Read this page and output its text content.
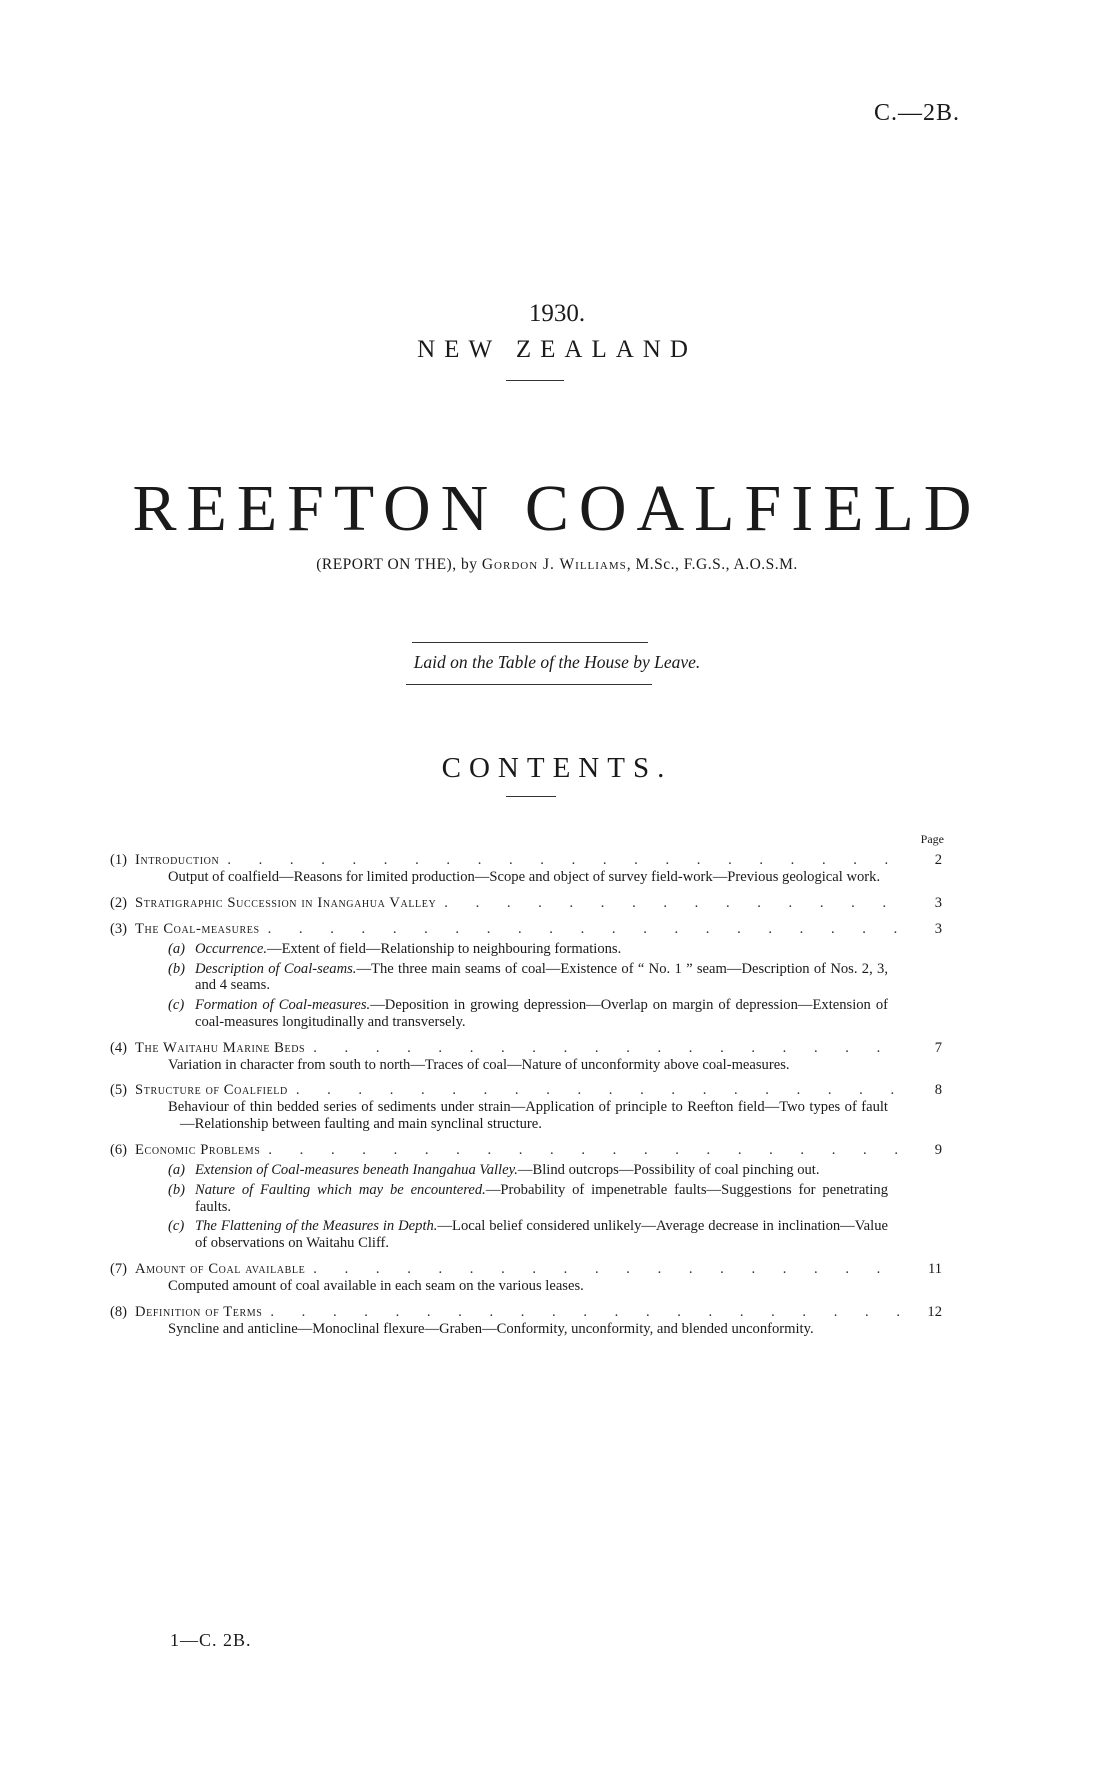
C.—2B.
1930.
NEW ZEALAND
REEFTON COALFIELD
(REPORT ON THE), by Gordon J. Williams, M.Sc., F.G.S., A.O.S.M.
Laid on the Table of the House by Leave.
CONTENTS.
Page
(1) Introduction . . .	2
Output of coalfield—Reasons for limited production—Scope and object of survey field-work—Previous geological work.
(2) Stratigraphic Succession in Inangahua Valley . . .	3
(3) The Coal-measures . . .	3
(a) Occurrence.—Extent of field—Relationship to neighbouring formations.
(b) Description of Coal-seams.—The three main seams of coal—Existence of “ No. 1 ” seam—Description of Nos. 2, 3, and 4 seams.
(c) Formation of Coal-measures.—Deposition in growing depression—Overlap on margin of depression—Extension of coal-measures longitudinally and transversely.
(4) The Waitahu Marine Beds . . .	7
Variation in character from south to north—Traces of coal—Nature of unconformity above coal-measures.
(5) Structure of Coalfield . . .	8
Behaviour of thin bedded series of sediments under strain—Application of principle to Reefton field—Two types of fault—Relationship between faulting and main synclinal structure.
(6) Economic Problems . . .	9
(a) Extension of Coal-measures beneath Inangahua Valley.—Blind outcrops—Possibility of coal pinching out.
(b) Nature of Faulting which may be encountered.—Probability of impenetrable faults—Suggestions for penetrating faults.
(c) The Flattening of the Measures in Depth.—Local belief considered unlikely—Average decrease in inclination—Value of observations on Waitahu Cliff.
(7) Amount of Coal available . . .	11
Computed amount of coal available in each seam on the various leases.
(8) Definition of Terms . . .	12
Syncline and anticline—Monoclinal flexure—Graben—Conformity, unconformity, and blended unconformity.
1—C. 2B.
